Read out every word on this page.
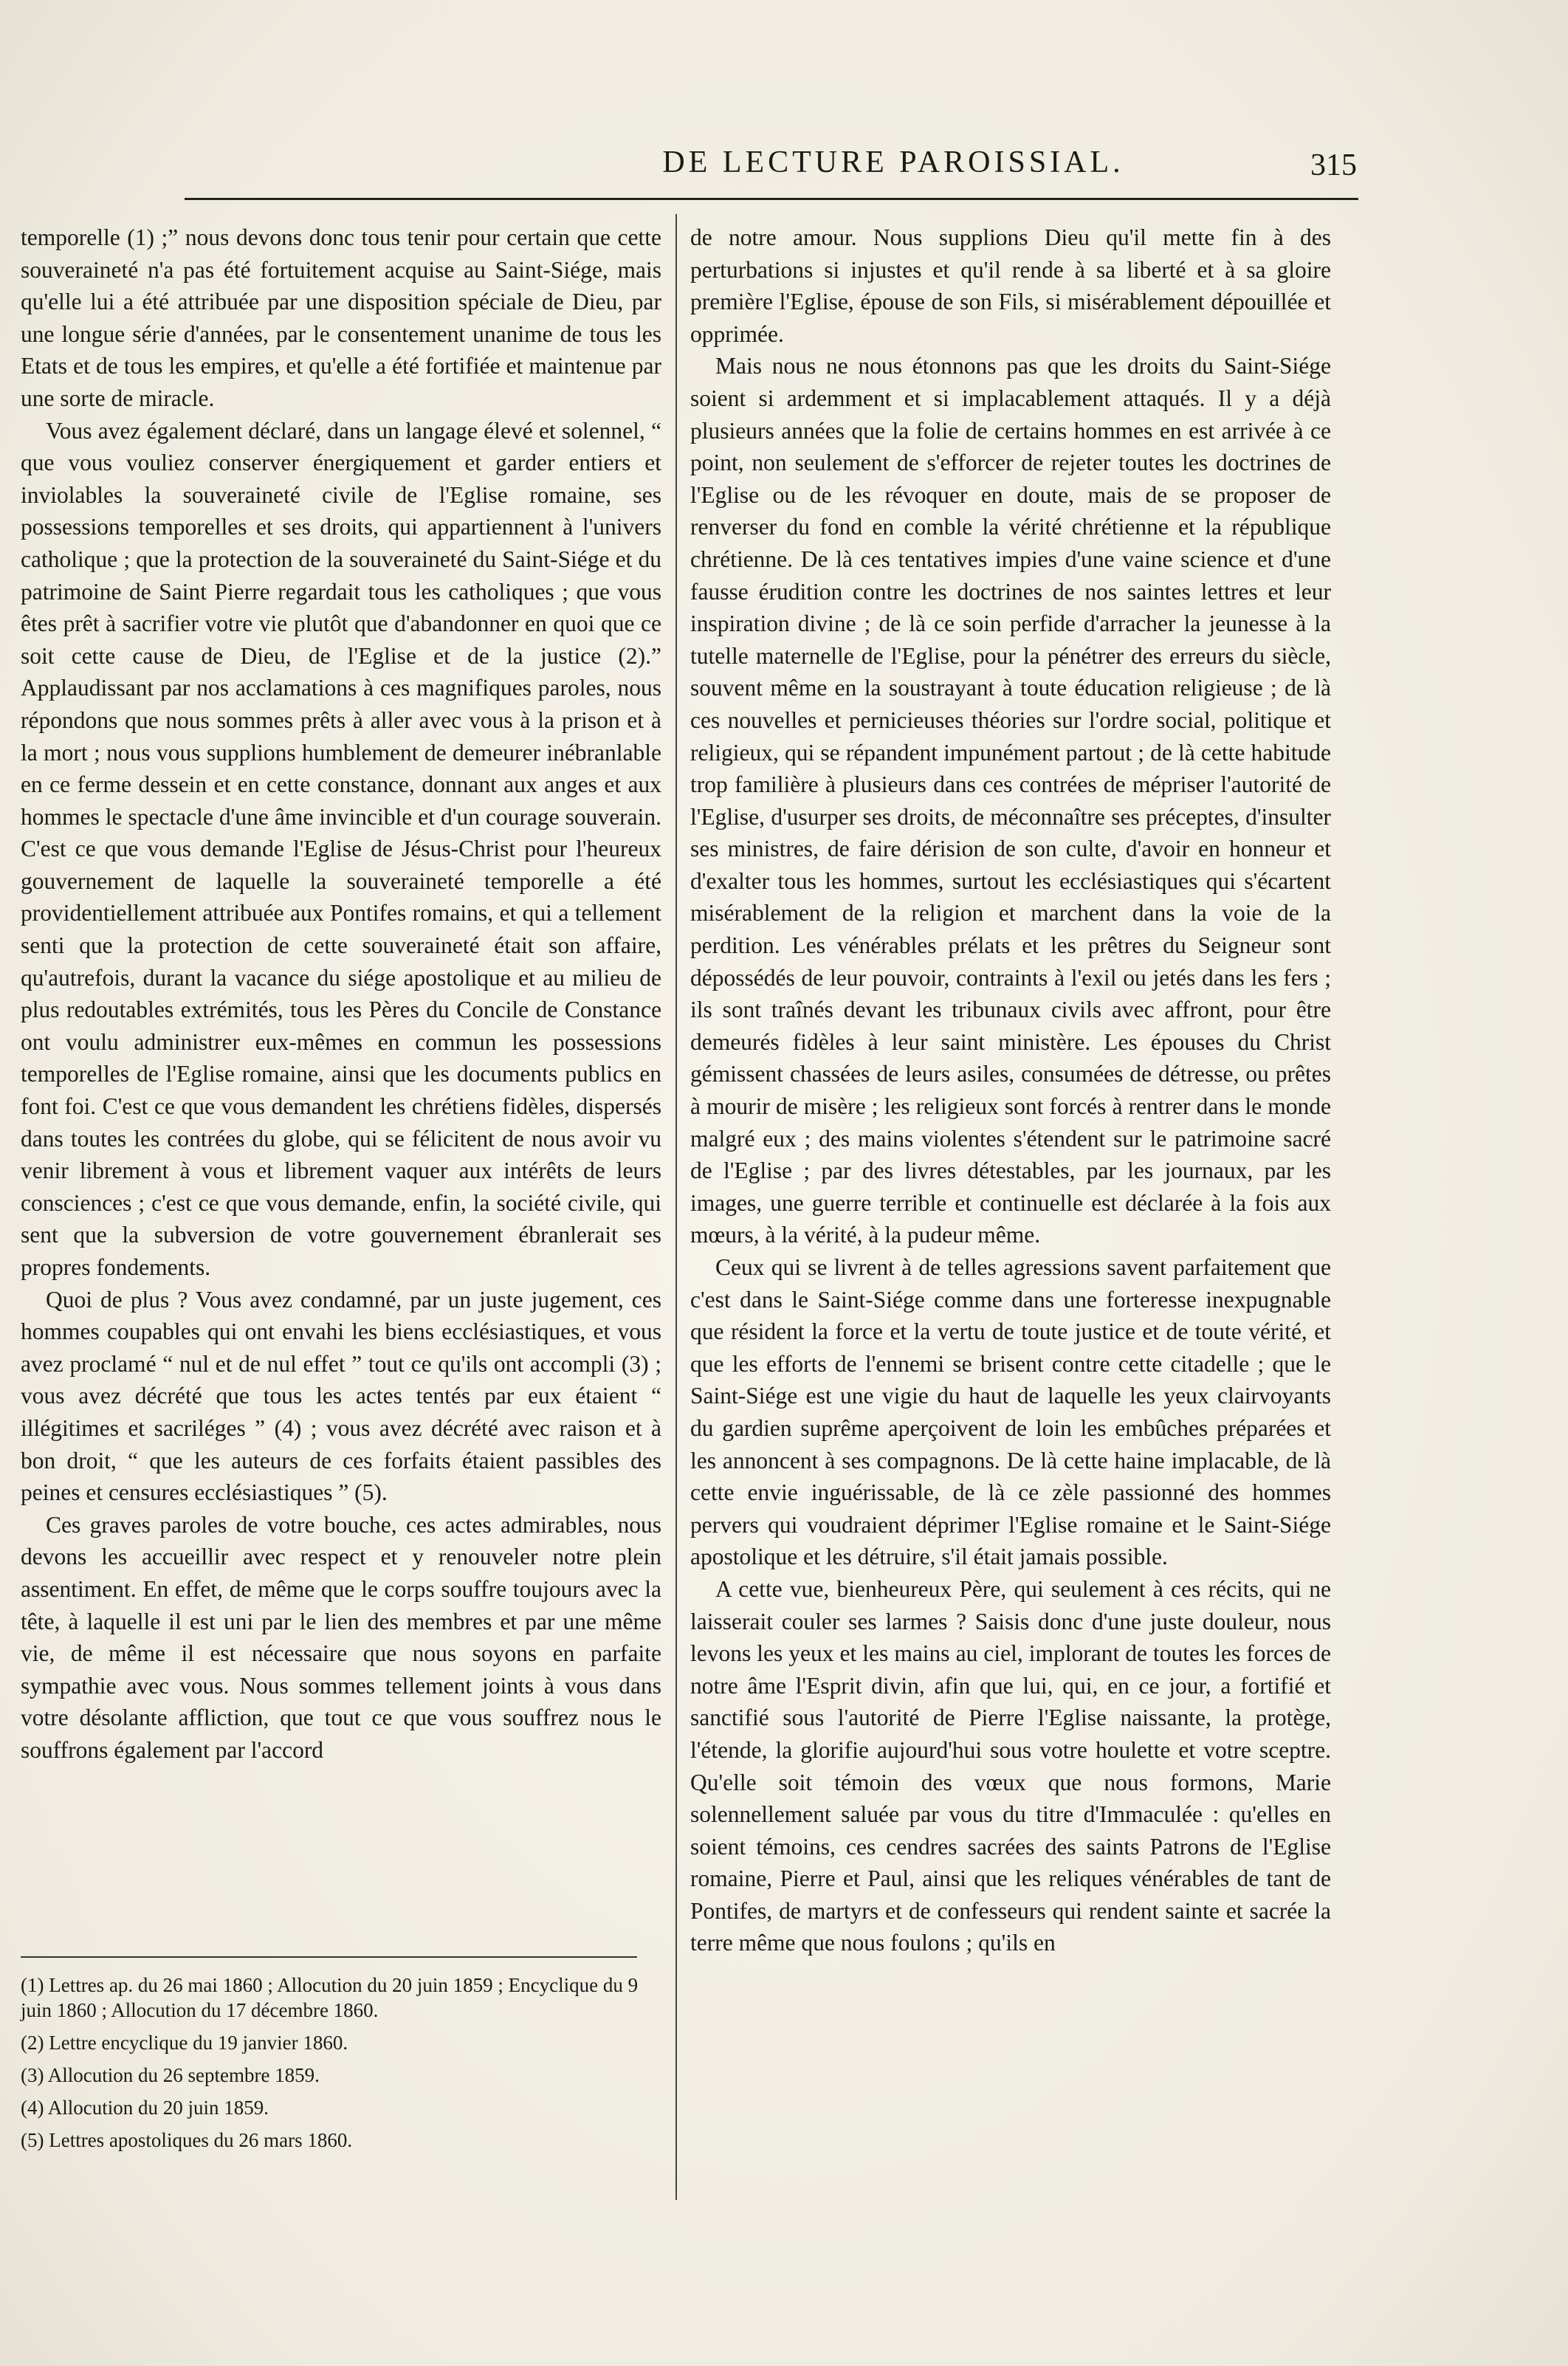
DE LECTURE PAROISSIAL.	315

temporelle (1) ;” nous devons donc tous tenir pour certain que cette souveraineté n'a pas été fortuitement acquise au Saint-Siége, mais qu'elle lui a été attribuée par une disposition spéciale de Dieu, par une longue série d'années, par le consentement unanime de tous les Etats et de tous les empires, et qu'elle a été fortifiée et maintenue par une sorte de miracle.

Vous avez également déclaré, dans un langage élevé et solennel, “ que vous vouliez conserver énergiquement et garder entiers et inviolables la souveraineté civile de l'Eglise romaine, ses possessions temporelles et ses droits, qui appartiennent à l'univers catholique ; que la protection de la souveraineté du Saint-Siége et du patrimoine de Saint Pierre regardait tous les catholiques ; que vous êtes prêt à sacrifier votre vie plutôt que d'abandonner en quoi que ce soit cette cause de Dieu, de l'Eglise et de la justice (2).” Applaudissant par nos acclamations à ces magnifiques paroles, nous répondons que nous sommes prêts à aller avec vous à la prison et à la mort ; nous vous supplions humblement de demeurer inébranlable en ce ferme dessein et en cette constance, donnant aux anges et aux hommes le spectacle d'une âme invincible et d'un courage souverain. C'est ce que vous demande l'Eglise de Jésus-Christ pour l'heureux gouvernement de laquelle la souveraineté temporelle a été providentiellement attribuée aux Pontifes romains, et qui a tellement senti que la protection de cette souveraineté était son affaire, qu'autrefois, durant la vacance du siége apostolique et au milieu de plus redoutables extrémités, tous les Pères du Concile de Constance ont voulu administrer eux-mêmes en commun les possessions temporelles de l'Eglise romaine, ainsi que les documents publics en font foi. C'est ce que vous demandent les chrétiens fidèles, dispersés dans toutes les contrées du globe, qui se félicitent de nous avoir vu venir librement à vous et librement vaquer aux intérêts de leurs consciences ; c'est ce que vous demande, enfin, la société civile, qui sent que la subversion de votre gouvernement ébranlerait ses propres fondements.

Quoi de plus ? Vous avez condamné, par un juste jugement, ces hommes coupables qui ont envahi les biens ecclésiastiques, et vous avez proclamé “ nul et de nul effet ” tout ce qu'ils ont accompli (3) ; vous avez décrété que tous les actes tentés par eux étaient “ illégitimes et sacriléges ” (4) ; vous avez décrété avec raison et à bon droit, “ que les auteurs de ces forfaits étaient passibles des peines et censures ecclésiastiques ” (5).

Ces graves paroles de votre bouche, ces actes admirables, nous devons les accueillir avec respect et y renouveler notre plein assentiment. En effet, de même que le corps souffre toujours avec la tête, à laquelle il est uni par le lien des membres et par une même vie, de même il est nécessaire que nous soyons en parfaite sympathie avec vous. Nous sommes tellement joints à vous dans votre désolante affliction, que tout ce que vous souffrez nous le souffrons également par l'accord

(1) Lettres ap. du 26 mai 1860 ; Allocution du 20 juin 1859 ; Encyclique du 9 juin 1860 ; Allocution du 17 décembre 1860.
(2) Lettre encyclique du 19 janvier 1860.
(3) Allocution du 26 septembre 1859.
(4) Allocution du 20 juin 1859.
(5) Lettres apostoliques du 26 mars 1860.

de notre amour. Nous supplions Dieu qu'il mette fin à des perturbations si injustes et qu'il rende à sa liberté et à sa gloire première l'Eglise, épouse de son Fils, si misérablement dépouillée et opprimée.

Mais nous ne nous étonnons pas que les droits du Saint-Siége soient si ardemment et si implacablement attaqués. Il y a déjà plusieurs années que la folie de certains hommes en est arrivée à ce point, non seulement de s'efforcer de rejeter toutes les doctrines de l'Eglise ou de les révoquer en doute, mais de se proposer de renverser du fond en comble la vérité chrétienne et la république chrétienne. De là ces tentatives impies d'une vaine science et d'une fausse érudition contre les doctrines de nos saintes lettres et leur inspiration divine ; de là ce soin perfide d'arracher la jeunesse à la tutelle maternelle de l'Eglise, pour la pénétrer des erreurs du siècle, souvent même en la soustrayant à toute éducation religieuse ; de là ces nouvelles et pernicieuses théories sur l'ordre social, politique et religieux, qui se répandent impunément partout ; de là cette habitude trop familière à plusieurs dans ces contrées de mépriser l'autorité de l'Eglise, d'usurper ses droits, de méconnaître ses préceptes, d'insulter ses ministres, de faire dérision de son culte, d'avoir en honneur et d'exalter tous les hommes, surtout les ecclésiastiques qui s'écartent misérablement de la religion et marchent dans la voie de la perdition. Les vénérables prélats et les prêtres du Seigneur sont dépossédés de leur pouvoir, contraints à l'exil ou jetés dans les fers ; ils sont traînés devant les tribunaux civils avec affront, pour être demeurés fidèles à leur saint ministère. Les épouses du Christ gémissent chassées de leurs asiles, consumées de détresse, ou prêtes à mourir de misère ; les religieux sont forcés à rentrer dans le monde malgré eux ; des mains violentes s'étendent sur le patrimoine sacré de l'Eglise ; par des livres détestables, par les journaux, par les images, une guerre terrible et continuelle est déclarée à la fois aux mœurs, à la vérité, à la pudeur même.

Ceux qui se livrent à de telles agressions savent parfaitement que c'est dans le Saint-Siége comme dans une forteresse inexpugnable que résident la force et la vertu de toute justice et de toute vérité, et que les efforts de l'ennemi se brisent contre cette citadelle ; que le Saint-Siége est une vigie du haut de laquelle les yeux clairvoyants du gardien suprême aperçoivent de loin les embûches préparées et les annoncent à ses compagnons. De là cette haine implacable, de là cette envie inguérissable, de là ce zèle passionné des hommes pervers qui voudraient déprimer l'Eglise romaine et le Saint-Siége apostolique et les détruire, s'il était jamais possible.

A cette vue, bienheureux Père, qui seulement à ces récits, qui ne laisserait couler ses larmes ? Saisis donc d'une juste douleur, nous levons les yeux et les mains au ciel, implorant de toutes les forces de notre âme l'Esprit divin, afin que lui, qui, en ce jour, a fortifié et sanctifié sous l'autorité de Pierre l'Eglise naissante, la protège, l'étende, la glorifie aujourd'hui sous votre houlette et votre sceptre. Qu'elle soit témoin des vœux que nous formons, Marie solennellement saluée par vous du titre d'Immaculée : qu'elles en soient témoins, ces cendres sacrées des saints Patrons de l'Eglise romaine, Pierre et Paul, ainsi que les reliques vénérables de tant de Pontifes, de martyrs et de confesseurs qui rendent sainte et sacrée la terre même que nous foulons ; qu'ils en
